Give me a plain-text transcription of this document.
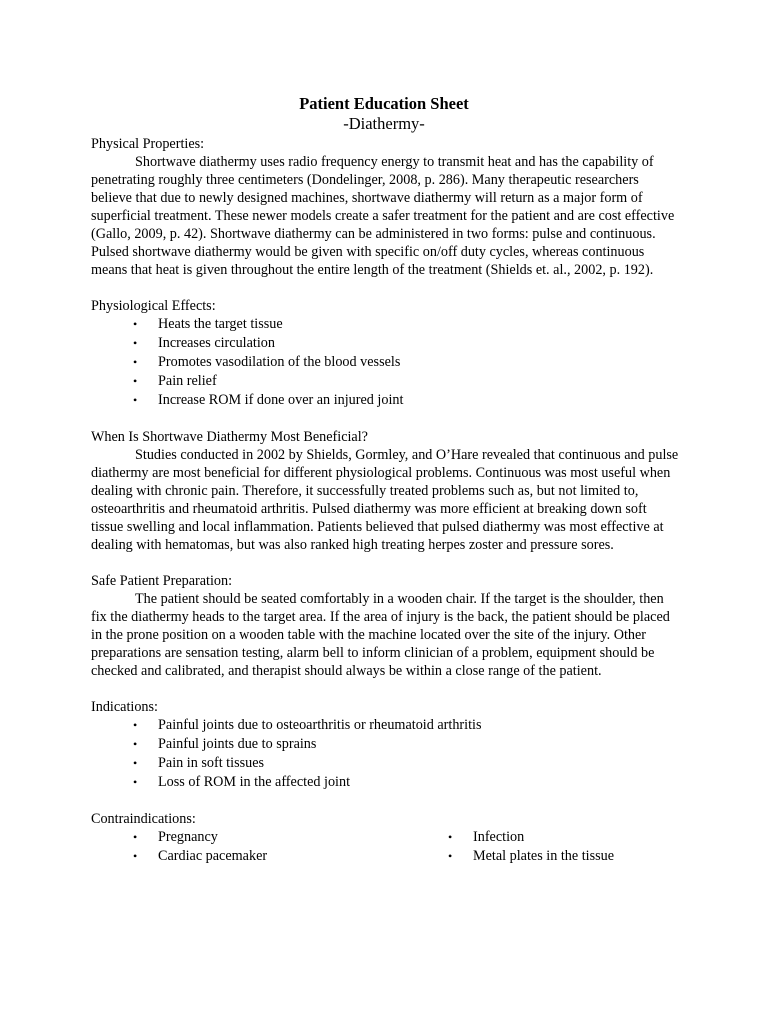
Patient Education Sheet
-Diathermy-

Physical Properties:

Shortwave diathermy uses radio frequency energy to transmit heat and has the capability of penetrating roughly three centimeters (Dondelinger, 2008, p. 286). Many therapeutic researchers believe that due to newly designed machines, shortwave diathermy will return as a major form of superficial treatment. These newer models create a safer treatment for the patient and are cost effective (Gallo, 2009, p. 42). Shortwave diathermy can be administered in two forms: pulse and continuous. Pulsed shortwave diathermy would be given with specific on/off duty cycles, whereas continuous means that heat is given throughout the entire length of the treatment (Shields et. al., 2002, p. 192).

Physiological Effects:

• Heats the target tissue
• Increases circulation
• Promotes vasodilation of the blood vessels
• Pain relief
• Increase ROM if done over an injured joint

When Is Shortwave Diathermy Most Beneficial?

Studies conducted in 2002 by Shields, Gormley, and O’Hare revealed that continuous and pulse diathermy are most beneficial for different physiological problems. Continuous was most useful when dealing with chronic pain. Therefore, it successfully treated problems such as, but not limited to, osteoarthritis and rheumatoid arthritis. Pulsed diathermy was more efficient at breaking down soft tissue swelling and local inflammation. Patients believed that pulsed diathermy was most effective at dealing with hematomas, but was also ranked high treating herpes zoster and pressure sores.

Safe Patient Preparation:

The patient should be seated comfortably in a wooden chair. If the target is the shoulder, then fix the diathermy heads to the target area. If the area of injury is the back, the patient should be placed in the prone position on a wooden table with the machine located over the site of the injury. Other preparations are sensation testing, alarm bell to inform clinician of a problem, equipment should be checked and calibrated, and therapist should always be within a close range of the patient.

Indications:

• Painful joints due to osteoarthritis or rheumatoid arthritis
• Painful joints due to sprains
• Pain in soft tissues
• Loss of ROM in the affected joint

Contraindications:

• Pregnancy
• Cardiac pacemaker
• Infection
• Metal plates in the tissue
